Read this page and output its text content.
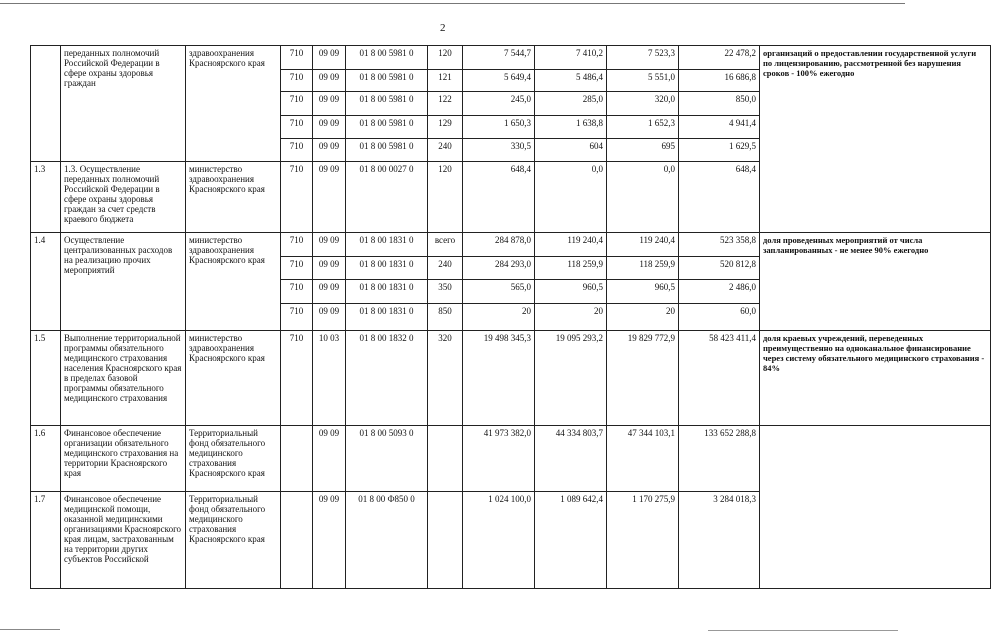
2
	переданных полномочий Российской Федерации в сфере охраны здоровья граждан	здравоохранения Красноярского края	710	09 09	01 8 00 5981 0	120	7 544,7	7 410,2	7 523,3	22 478,2	организаций о предоставлении государственной услуги по лицензированию, рассмотренной без нарушения сроков - 100% ежегодно
			710	09 09	01 8 00 5981 0	121	5 649,4	5 486,4	5 551,0	16 686,8	
			710	09 09	01 8 00 5981 0	122	245,0	285,0	320,0	850,0	
			710	09 09	01 8 00 5981 0	129	1 650,3	1 638,8	1 652,3	4 941,4	
			710	09 09	01 8 00 5981 0	240	330,5	604	695	1 629,5	
1.3	1.3. Осуществление переданных полномочий Российской Федерации в сфере охраны здоровья граждан за счет средств краевого бюджета	министерство здравоохранения Красноярского края	710	09 09	01 8 00 0027 0	120	648,4	0,0	0,0	648,4	
1.4	Осуществление централизованных расходов на реализацию прочих мероприятий	министерство здравоохранения Красноярского края	710	09 09	01 8 00 1831 0	всего	284 878,0	119 240,4	119 240,4	523 358,8	доля проведенных мероприятий от числа запланированных - не менее 90% ежегодно
			710	09 09	01 8 00 1831 0	240	284 293,0	118 259,9	118 259,9	520 812,8	
			710	09 09	01 8 00 1831 0	350	565,0	960,5	960,5	2 486,0	
			710	09 09	01 8 00 1831 0	850	20	20	20	60,0	
1.5	Выполнение территориальной программы обязательного медицинского страхования населения Красноярского края в пределах базовой программы обязательного медицинского страхования	министерство здравоохранения Красноярского края	710	10 03	01 8 00 1832 0	320	19 498 345,3	19 095 293,2	19 829 772,9	58 423 411,4	доля краевых учреждений, переведенных преимущественно на одноканальное финансирование через систему обязательного медицинского страхования - 84%
1.6	Финансовое обеспечение организации обязательного медицинского страхования на территории Красноярского края	Территориальный фонд обязательного медицинского страхования Красноярского края		09 09	01 8 00 5093 0		41 973 382,0	44 334 803,7	47 344 103,1	133 652 288,8	
1.7	Финансовое обеспечение медицинской помощи, оказанной медицинскими организациями Красноярского края лицам, застрахованным на территории других субъектов Российской	Территориальный фонд обязательного медицинского страхования Красноярского края		09 09	01 8 00 Ф850 0		1 024 100,0	1 089 642,4	1 170 275,9	3 284 018,3	
